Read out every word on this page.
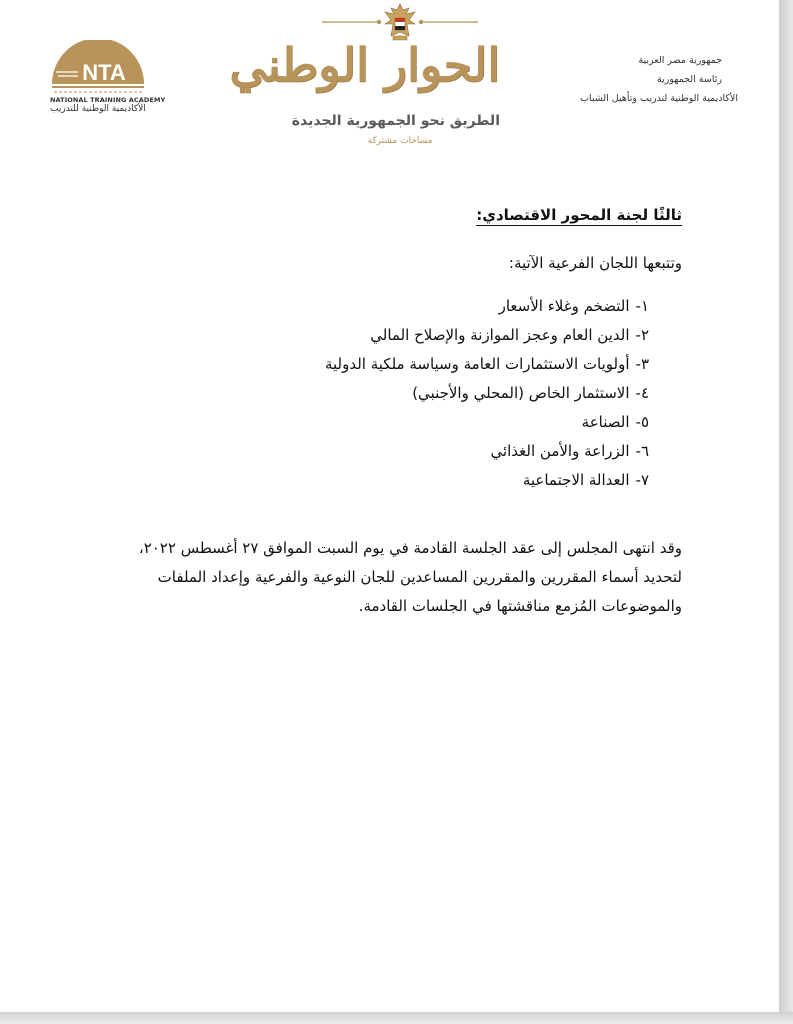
NTA
NATIONAL TRAINING ACADEMY
الأكاديمية الوطنية للتدريب
الحوار الوطني
الطريق نحو الجمهورية الجديدة
مساحات مشتركة
جمهورية مصر العربية
رئاسة الجمهورية
الأكاديمية الوطنية لتدريب وتأهيل الشباب
ثالثًا لجنة المحور الاقتصادي:
وتتبعها اللجان الفرعية الآتية:
١-التضخم وغلاء الأسعار
٢-الدين العام وعجز الموازنة والإصلاح المالي
٣-أولويات الاستثمارات العامة وسياسة ملكية الدولية
٤-الاستثمار الخاص (المحلي والأجنبي)
٥-الصناعة
٦-الزراعة والأمن الغذائي
٧-العدالة الاجتماعية
وقد انتهى المجلس إلى عقد الجلسة القادمة في يوم السبت الموافق ٢٧ أغسطس ٢٠٢٢،
لتحديد أسماء المقررين والمقررين المساعدين للجان النوعية والفرعية وإعداد الملفات
والموضوعات المُزمع مناقشتها في الجلسات القادمة.
